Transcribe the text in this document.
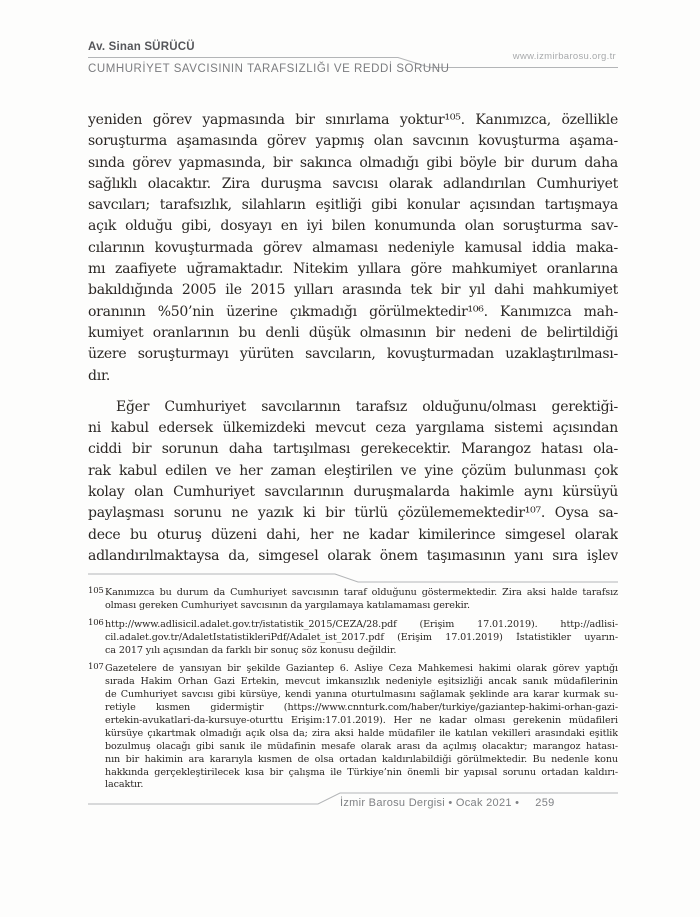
Av. Sinan SÜRÜCÜ
www.izmirbarosu.org.tr
CUMHURİYET SAVCISININ TARAFSIZLIĞI VE REDDİ SORUNU
yeniden görev yapmasında bir sınırlama yoktur¹⁰⁵. Kanımızca, özellikle
soruşturma aşamasında görev yapmış olan savcının kovuşturma aşama-
sında görev yapmasında, bir sakınca olmadığı gibi böyle bir durum daha
sağlıklı olacaktır. Zira duruşma savcısı olarak adlandırılan Cumhuriyet
savcıları; tarafsızlık, silahların eşitliği gibi konular açısından tartışmaya
açık olduğu gibi, dosyayı en iyi bilen konumunda olan soruşturma sav-
cılarının kovuşturmada görev almaması nedeniyle kamusal iddia maka-
mı zaafiyete uğramaktadır. Nitekim yıllara göre mahkumiyet oranlarına
bakıldığında 2005 ile 2015 yılları arasında tek bir yıl dahi mahkumiyet
oranının %50’nin üzerine çıkmadığı görülmektedir¹⁰⁶. Kanımızca mah-
kumiyet oranlarının bu denli düşük olmasının bir nedeni de belirtildiği
üzere soruşturmayı yürüten savcıların, kovuşturmadan uzaklaştırılması-
dır.
Eğer Cumhuriyet savcılarının tarafsız olduğunu/olması gerektiği-
ni kabul edersek ülkemizdeki mevcut ceza yargılama sistemi açısından
ciddi bir sorunun daha tartışılması gerekecektir. Marangoz hatası ola-
rak kabul edilen ve her zaman eleştirilen ve yine çözüm bulunması çok
kolay olan Cumhuriyet savcılarının duruşmalarda hakimle aynı kürsüyü
paylaşması sorunu ne yazık ki bir türlü çözülememektedir¹⁰⁷. Oysa sa-
dece bu oturuş düzeni dahi, her ne kadar kimilerince simgesel olarak
adlandırılmaktaysa da, simgesel olarak önem taşımasının yanı sıra işlev
105 Kanımızca bu durum da Cumhuriyet savcısının taraf olduğunu göstermektedir. Zira aksi halde tarafsız
olması gereken Cumhuriyet savcısının da yargılamaya katılamaması gerekir.
106 http://www.adlisicil.adalet.gov.tr/istatistik_2015/CEZA/28.pdf (Erişim 17.01.2019). http://adlisi-
cil.adalet.gov.tr/AdaletIstatistikleriPdf/Adalet_ist_2017.pdf (Erişim 17.01.2019) İstatistikler uyarın-
ca 2017 yılı açısından da farklı bir sonuç söz konusu değildir.
107 Gazetelere de yansıyan bir şekilde Gaziantep 6. Asliye Ceza Mahkemesi hakimi olarak görev yaptığı
sırada Hakim Orhan Gazi Ertekin, mevcut imkansızlık nedeniyle eşitsizliği ancak sanık müdafilerinin
de Cumhuriyet savcısı gibi kürsüye, kendi yanına oturtulmasını sağlamak şeklinde ara karar kurmak su-
retiyle kısmen gidermiştir (https://www.cnnturk.com/haber/turkiye/gaziantep-hakimi-orhan-gazi-
ertekin-avukatlari-da-kursuye-oturttu Erişim:17.01.2019). Her ne kadar olması gerekenin müdafileri
kürsüye çıkartmak olmadığı açık olsa da; zira aksi halde müdafiler ile katılan vekilleri arasındaki eşitlik
bozulmuş olacağı gibi sanık ile müdafinin mesafe olarak arası da açılmış olacaktır; marangoz hatası-
nın bir hakimin ara kararıyla kısmen de olsa ortadan kaldırılabildiği görülmektedir. Bu nedenle konu
hakkında gerçekleştirilecek kısa bir çalışma ile Türkiye’nin önemli bir yapısal sorunu ortadan kaldırı-
lacaktır.
İzmir Barosu Dergisi • Ocak 2021 • 259
